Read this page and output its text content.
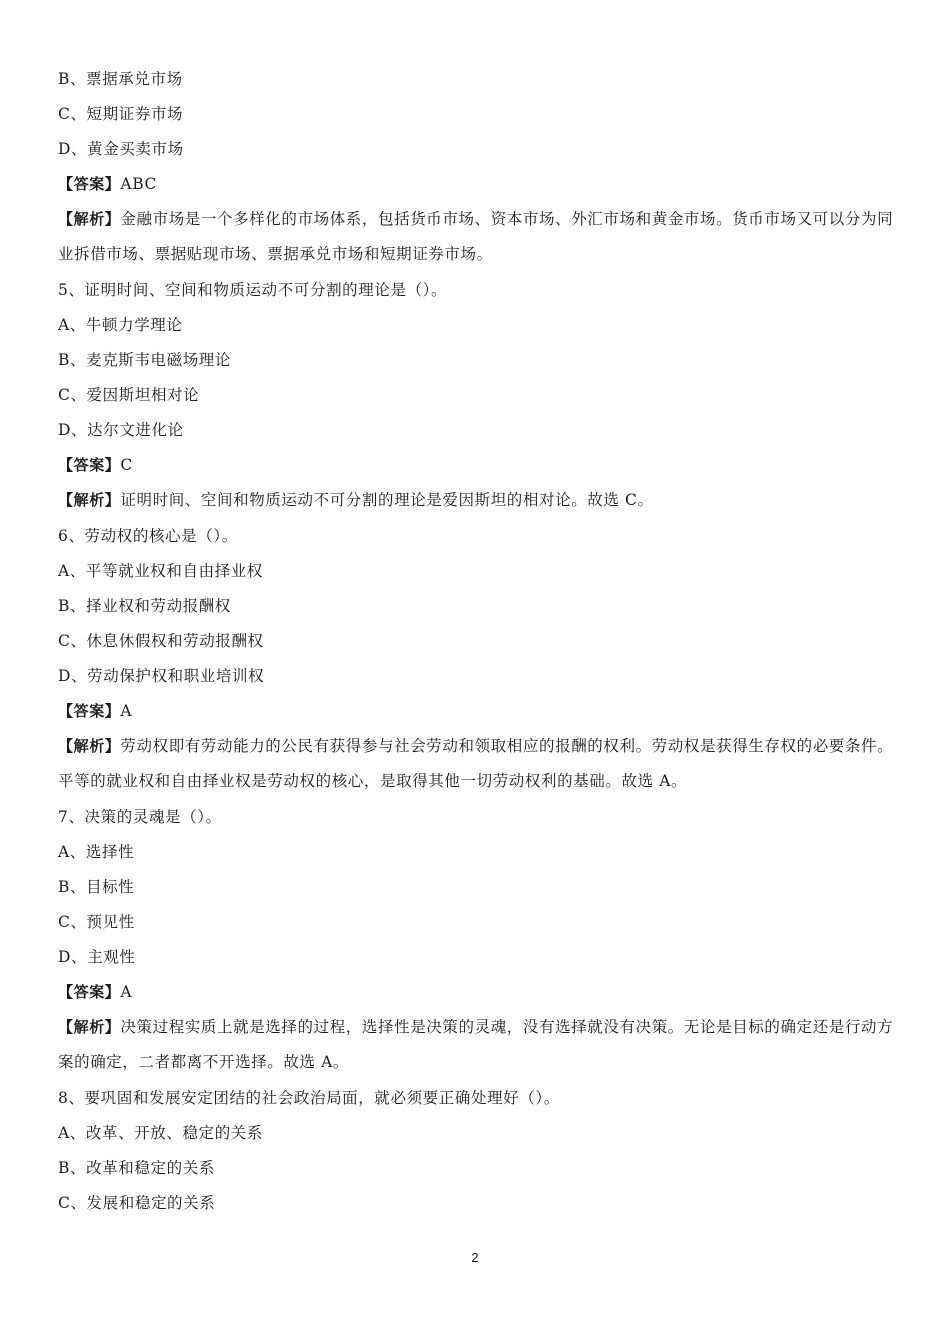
B、票据承兑市场
C、短期证券市场
D、黄金买卖市场
【答案】ABC
【解析】金融市场是一个多样化的市场体系，包括货币市场、资本市场、外汇市场和黄金市场。货币市场又可以分为同业拆借市场、票据贴现市场、票据承兑市场和短期证券市场。
5、证明时间、空间和物质运动不可分割的理论是（）。
A、牛顿力学理论
B、麦克斯韦电磁场理论
C、爱因斯坦相对论
D、达尔文进化论
【答案】C
【解析】证明时间、空间和物质运动不可分割的理论是爱因斯坦的相对论。故选 C。
6、劳动权的核心是（）。
A、平等就业权和自由择业权
B、择业权和劳动报酬权
C、休息休假权和劳动报酬权
D、劳动保护权和职业培训权
【答案】A
【解析】劳动权即有劳动能力的公民有获得参与社会劳动和领取相应的报酬的权利。劳动权是获得生存权的必要条件。平等的就业权和自由择业权是劳动权的核心，是取得其他一切劳动权利的基础。故选 A。
7、决策的灵魂是（）。
A、选择性
B、目标性
C、预见性
D、主观性
【答案】A
【解析】决策过程实质上就是选择的过程，选择性是决策的灵魂，没有选择就没有决策。无论是目标的确定还是行动方案的确定，二者都离不开选择。故选 A。
8、要巩固和发展安定团结的社会政治局面，就必须要正确处理好（）。
A、改革、开放、稳定的关系
B、改革和稳定的关系
C、发展和稳定的关系
2
